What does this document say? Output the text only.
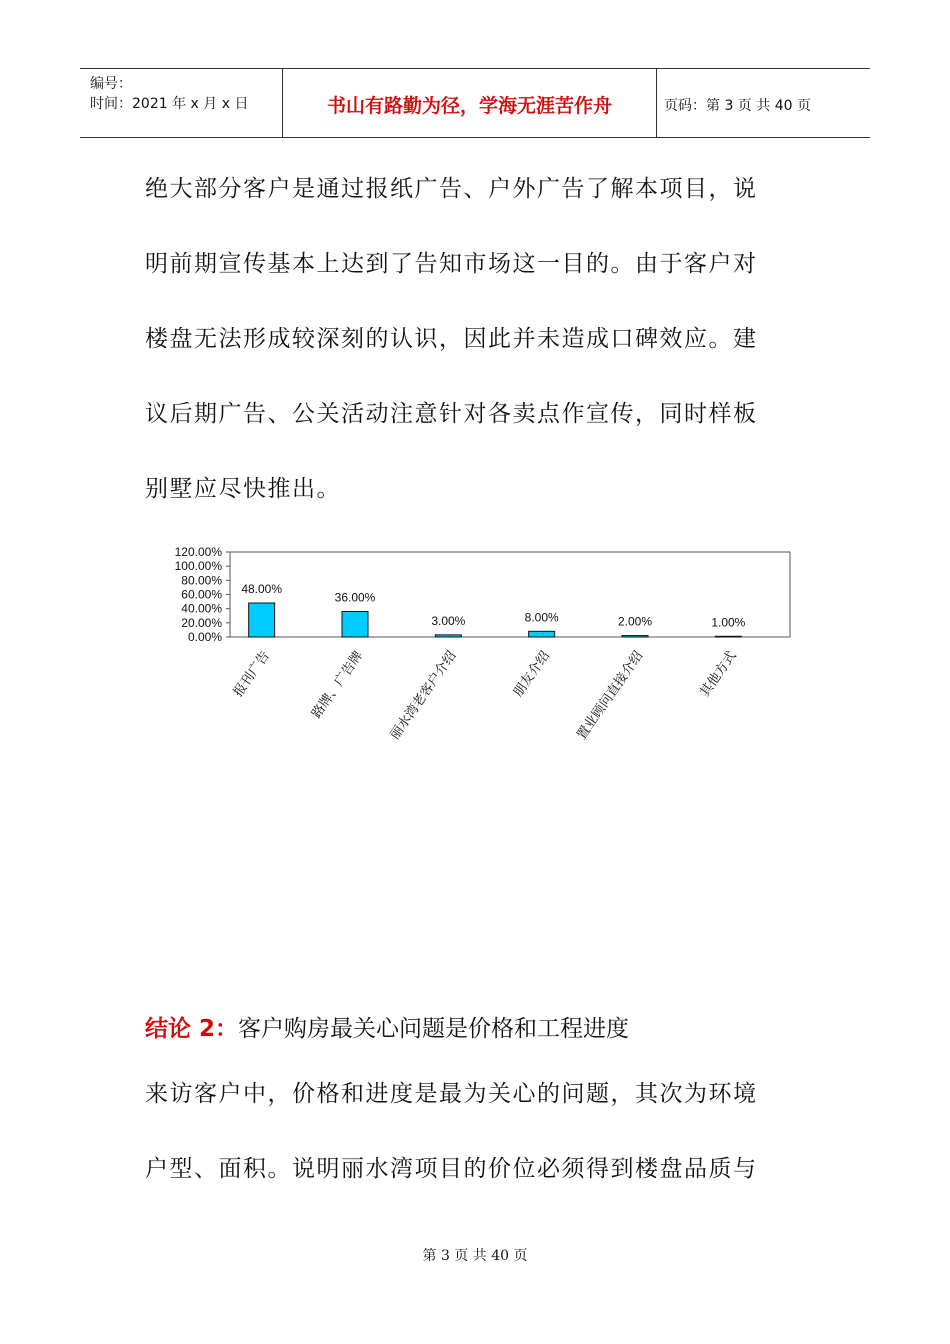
编号：
时间：2021 年 x 月 x 日	书山有路勤为径，学海无涯苦作舟	页码：第 3 页 共 40 页
绝大部分客户是通过报纸广告、户外广告了解本项目，说
明前期宣传基本上达到了告知市场这一目的。由于客户对
楼盘无法形成较深刻的认识，因此并未造成口碑效应。建
议后期广告、公关活动注意针对各卖点作宣传，同时样板
别墅应尽快推出。
0.00%
20.00%
40.00%
60.00%
80.00%
100.00%
120.00%
48.00%
报刊广告
36.00%
路牌、广告牌
3.00%
丽水湾老客户介绍
8.00%
朋友介绍
2.00%
置业顾问直接介绍
1.00%
其他方式
结论 2：客户购房最关心问题是价格和工程进度
来访客户中，价格和进度是最为关心的问题，其次为环境
户型、面积。说明丽水湾项目的价位必须得到楼盘品质与
第 3 页 共 40 页
